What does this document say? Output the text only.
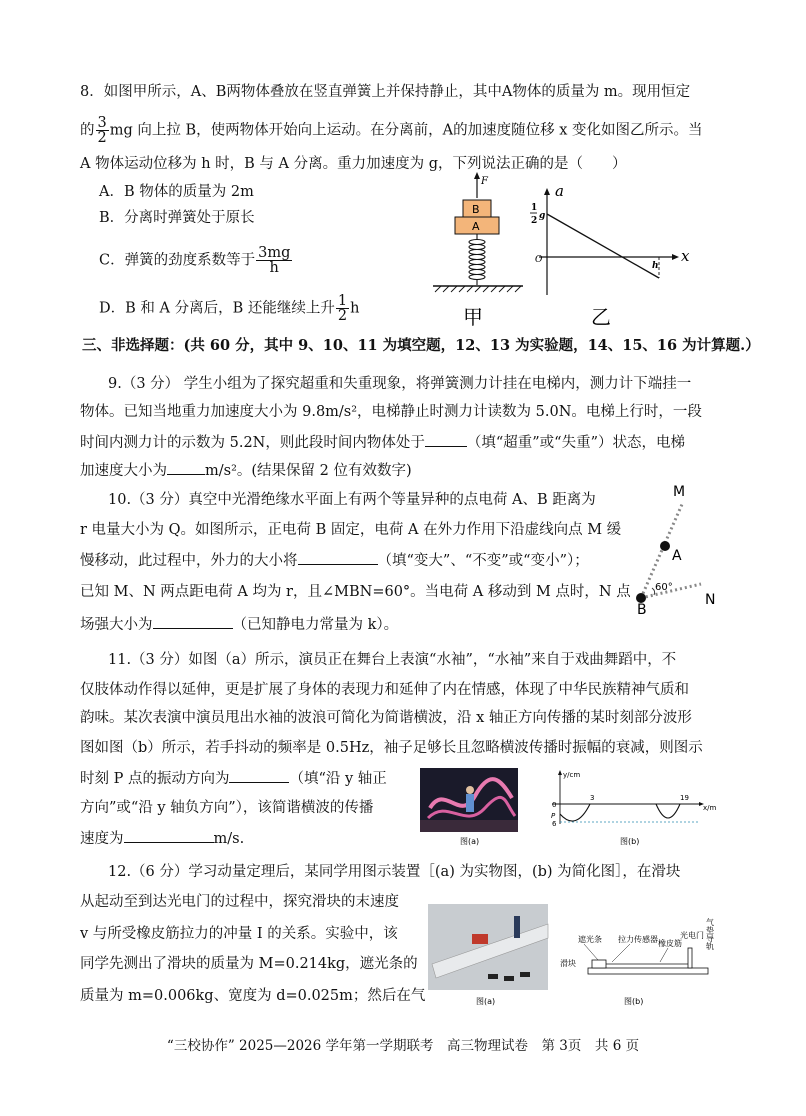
8．如图甲所示，A、B两物体叠放在竖直弹簧上并保持静止，其中A物体的质量为 m。现用恒定
的 $\frac{3}{2}$ mg 向上拉 B，使两物体开始向上运动。在分离前，A的加速度随位移 x 变化如图乙所示。当
A 物体运动位移为 h 时，B 与 A 分离。重力加速度为 g，下列说法正确的是（　　）
A．B 物体的质量为 2m
B．分离时弹簧处于原长
C．弹簧的劲度系数等于 $\frac{3mg}{h}$
D．B 和 A 分离后，B 还能继续上升 $\frac{1}{2}$ h
F
B
A
甲
a
x
O
1
2 g
h
乙
三、非选择题：(共 60 分，其中 9、10、11 为填空题，12、13 为实验题，14、15、16 为计算题.）
9.（3 分） 学生小组为了探究超重和失重现象，将弹簧测力计挂在电梯内，测力计下端挂一
物体。已知当地重力加速度大小为 9.8m/s²，电梯静止时测力计读数为 5.0N。电梯上行时，一段
时间内测力计的示数为 5.2N，则此段时间内物体处于	（填“超重”或“失重”）状态，电梯
加速度大小为	m/s²。(结果保留 2 位有效数字)
10.（3 分）真空中光滑绝缘水平面上有两个等量异种的点电荷 A、B 距离为
r 电量大小为 Q。如图所示，正电荷 B 固定，电荷 A 在外力作用下沿虚线向点 M 缓
慢移动，此过程中，外力的大小将	（填“变大”、“不变”或“变小”）；
已知 M、N 两点距电荷 A 均为 r，且∠MBN=60°。当电荷 A 移动到 M 点时，N 点
场强大小为	（已知静电力常量为 k）。
M
A
B
60°
N
11.（3 分）如图（a）所示，演员正在舞台上表演“水袖”，“水袖”来自于戏曲舞蹈中，不
仅肢体动作得以延伸，更是扩展了身体的表现力和延伸了内在情感，体现了中华民族精神气质和
韵味。某次表演中演员甩出水袖的波浪可简化为简谐横波，沿 x 轴正方向传播的某时刻部分波形
图如图（b）所示，若手抖动的频率是 0.5Hz，袖子足够长且忽略横波传播时振幅的衰减，则图示
时刻 P 点的振动方向为	（填“沿 y 轴正
方向”或“沿 y 轴负方向”），该简谐横波的传播
速度为	m/s.	图(a)
y/cm
x/m
0
P
6
3	19
图(b)
12.（6 分）学习动量定理后，某同学用图示装置［(a) 为实物图，(b) 为简化图］，在滑块
从起动至到达光电门的过程中，探究滑块的末速度
v 与所受橡皮筋拉力的冲量 I 的关系。实验中，该
同学先测出了滑块的质量为 M=0.214kg，遮光条的
质量为 m=0.006kg、宽度为 d=0.025m；然后在气	图(a)
遮光条 拉力传感器 橡皮筋
光电门 气垫导轨
滑块
图(b)
“三校协作” 2025—2026 学年第一学期联考　高三物理试卷　第 3页　共 6 页
